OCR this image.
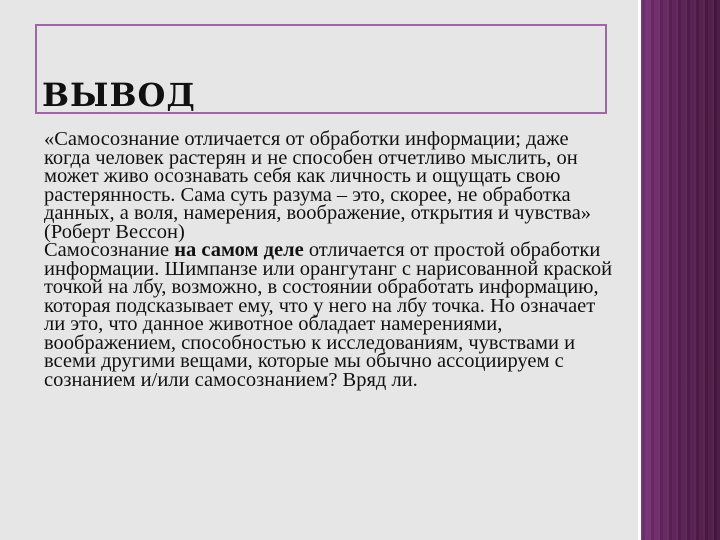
ВЫВОД

«Самосознание отличается от обработки информации; даже когда человек растерян и не способен отчетливо мыслить, он может живо осознавать себя как личность и ощущать свою растерянность. Сама суть разума – это, скорее, не обработка данных, а воля, намерения, воображение, открытия и чувства» (Роберт Вессон)

Самосознание на самом деле отличается от простой обработки информации. Шимпанзе или орангутанг с нарисованной краской точкой на лбу, возможно, в состоянии обработать информацию, которая подсказывает ему, что у него на лбу точка. Но означает ли это, что данное животное обладает намерениями, воображением, способностью к исследованиям, чувствами и всеми другими вещами, которые мы обычно ассоциируем с сознанием и/или самосознанием? Вряд ли.
